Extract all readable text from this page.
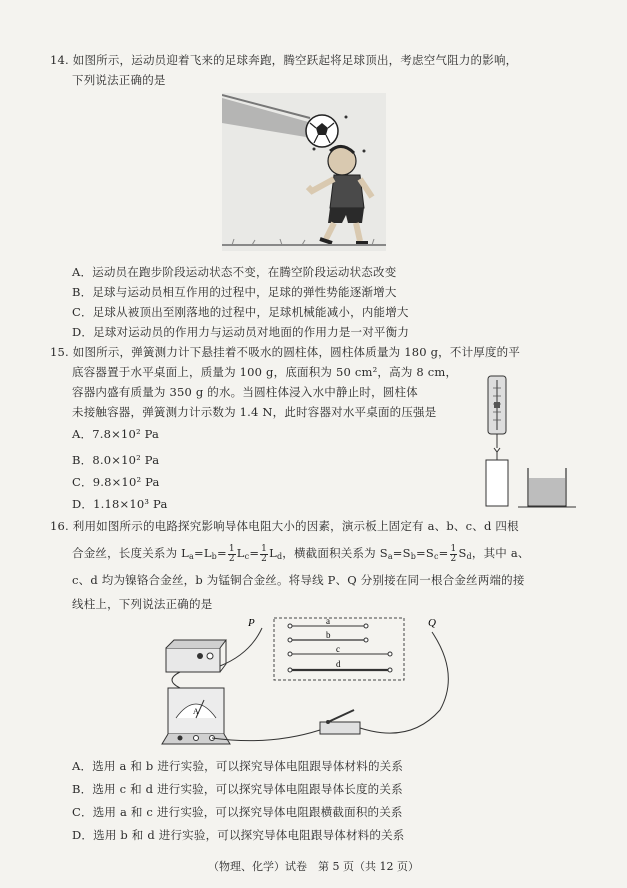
14. 如图所示，运动员迎着飞来的足球奔跑，腾空跃起将足球顶出，考虑空气阻力的影响，
下列说法正确的是
A．运动员在跑步阶段运动状态不变，在腾空阶段运动状态改变
B．足球与运动员相互作用的过程中，足球的弹性势能逐渐增大
C．足球从被顶出至刚落地的过程中，足球机械能减小，内能增大
D．足球对运动员的作用力与运动员对地面的作用力是一对平衡力
15. 如图所示，弹簧测力计下悬挂着不吸水的圆柱体，圆柱体质量为 180 g，不计厚度的平
底容器置于水平桌面上，质量为 100 g，底面积为 50 cm²，高为 8 cm，
容器内盛有质量为 350 g 的水。当圆柱体浸入水中静止时，圆柱体
未接触容器，弹簧测力计示数为 1.4 N，此时容器对水平桌面的压强是
A．7.8×10² Pa
B．8.0×10² Pa
C．9.8×10² Pa
D．1.18×10³ Pa
16. 利用如图所示的电路探究影响导体电阻大小的因素，演示板上固定有 a、b、c、d 四根
合金丝，长度关系为 $L_a=L_b= \frac{1}{2} L_c= \frac{1}{2} L_d$，横截面积关系为 $S_a=S_b=S_c= \frac{1}{2} S_d$，其中 a、
c、d 均为镍铬合金丝，b 为锰铜合金丝。将导线 P、Q 分别接在同一根合金丝两端的接
线柱上，下列说法正确的是
P	a
b
c
d
Q
A
A．选用 a 和 b 进行实验，可以探究导体电阻跟导体材料的关系
B．选用 c 和 d 进行实验，可以探究导体电阻跟导体长度的关系
C．选用 a 和 c 进行实验，可以探究导体电阻跟横截面积的关系
D．选用 b 和 d 进行实验，可以探究导体电阻跟导体材料的关系
（物理、化学）试卷　第 5 页（共 12 页）
